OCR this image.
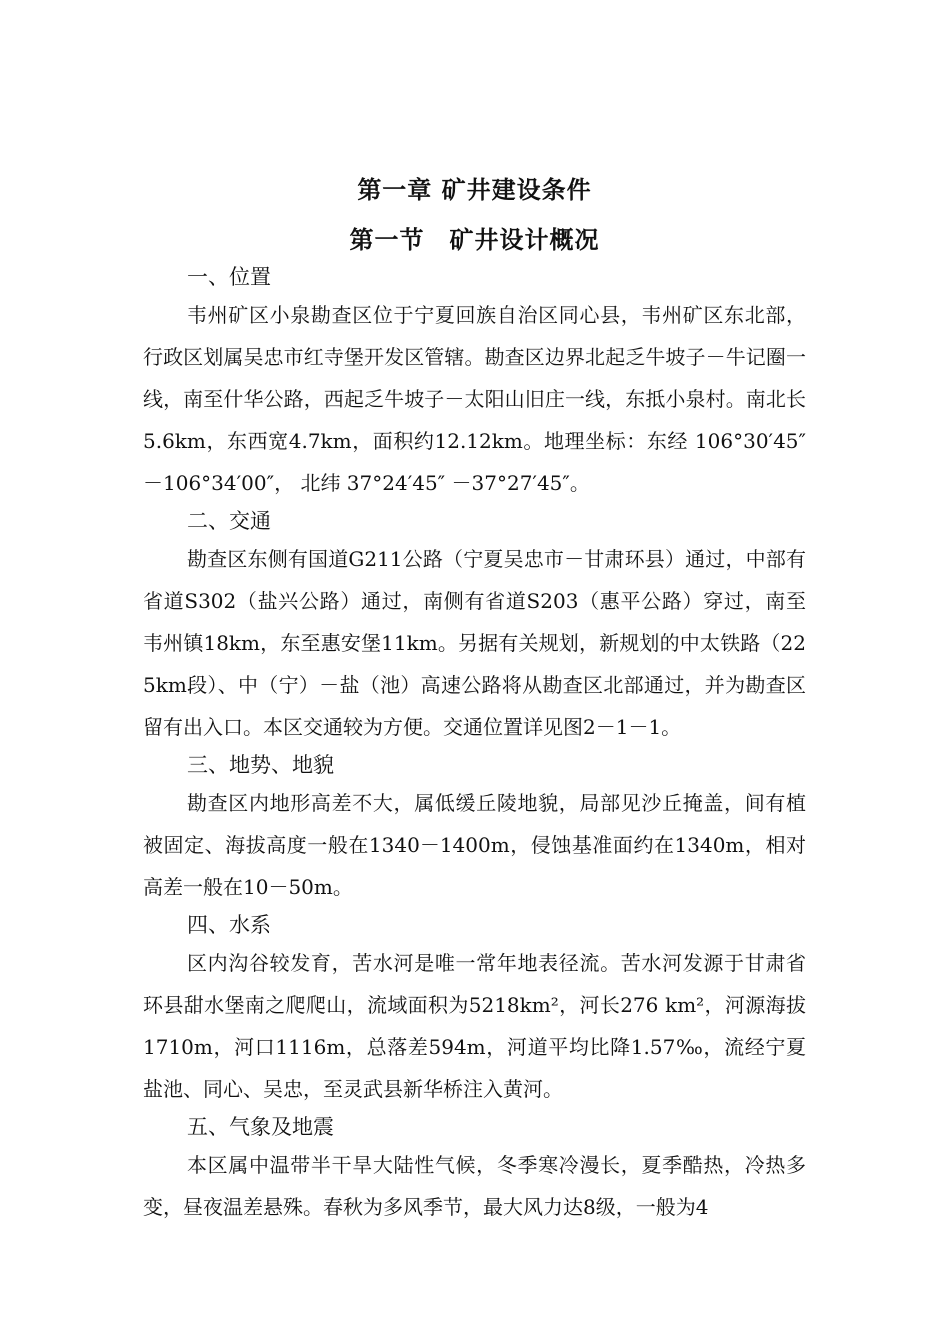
第一章 矿井建设条件
第一节　矿井设计概况

一、位置

韦州矿区小泉勘查区位于宁夏回族自治区同心县，韦州矿区东北部，行政区划属吴忠市红寺堡开发区管辖。勘查区边界北起乏牛坡子－牛记圈一线，南至什华公路，西起乏牛坡子－太阳山旧庄一线，东抵小泉村。南北长5.6km，东西宽4.7km，面积约12.12km。地理坐标：东经 106°30′45″ －106°34′00″， 北纬 37°24′45″ －37°27′45″。

二、交通

勘查区东侧有国道G211公路（宁夏吴忠市－甘肃环县）通过，中部有省道S302（盐兴公路）通过，南侧有省道S203（惠平公路）穿过，南至韦州镇18km，东至惠安堡11km。另据有关规划，新规划的中太铁路（225km段）、中（宁）－盐（池）高速公路将从勘查区北部通过，并为勘查区留有出入口。本区交通较为方便。交通位置详见图2－1－1。

三、地势、地貌

勘查区内地形高差不大，属低缓丘陵地貌，局部见沙丘掩盖，间有植被固定、海拔高度一般在1340－1400m，侵蚀基准面约在1340m，相对高差一般在10－50m。

四、水系

区内沟谷较发育，苦水河是唯一常年地表径流。苦水河发源于甘肃省环县甜水堡南之爬爬山，流域面积为5218km²，河长276 km²，河源海拔1710m，河口1116m，总落差594m，河道平均比降1.57‰，流经宁夏盐池、同心、吴忠，至灵武县新华桥注入黄河。

五、气象及地震

本区属中温带半干旱大陆性气候，冬季寒冷漫长，夏季酷热，冷热多变，昼夜温差悬殊。春秋为多风季节，最大风力达8级，一般为4
